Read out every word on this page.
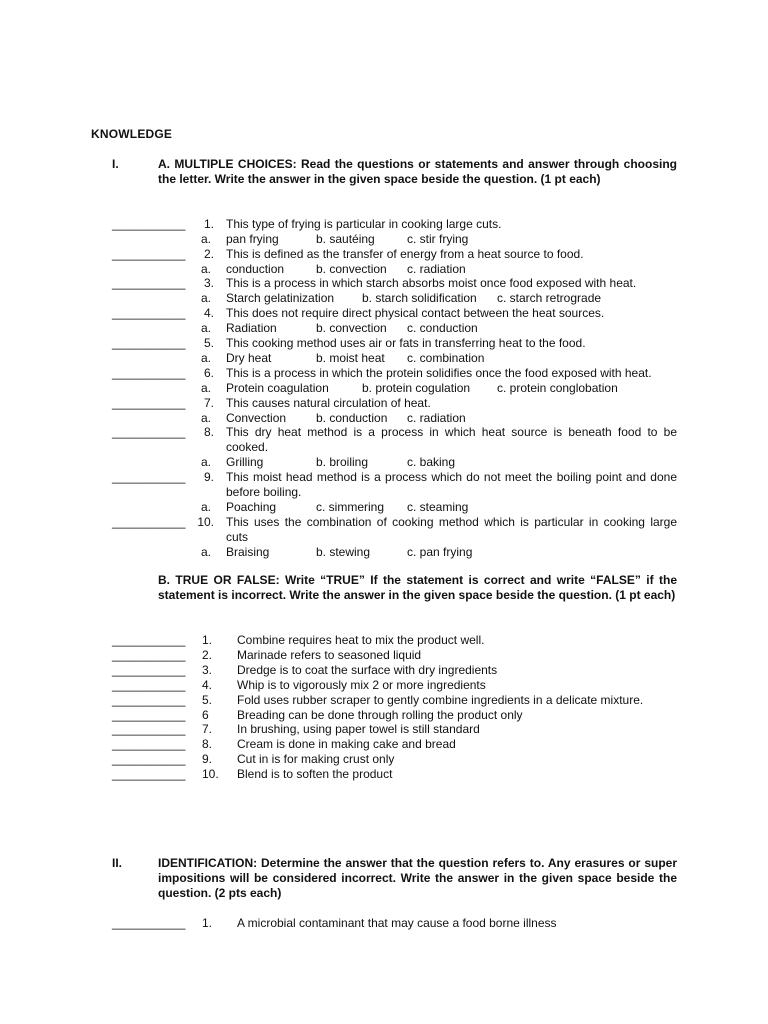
KNOWLEDGE
I.	A. MULTIPLE CHOICES: Read the questions or statements and answer through choosing the letter. Write the answer in the given space beside the question. (1 pt each)
___________	1. This type of frying is particular in cooking large cuts.
a. pan frying	b. sautéing	c. stir frying
___________	2. This is defined as the transfer of energy from a heat source to food.
a. conduction	b. convection c. radiation
___________	3. This is a process in which starch absorbs moist once food exposed with heat.
a. Starch gelatinization b. starch solidification c. starch retrograde
___________	4. This does not require direct physical contact between the heat sources.
a. Radiation	b. convection c. conduction
___________	5. This cooking method uses air or fats in transferring heat to the food.
a. Dry heat	b. moist heat c. combination
___________	6. This is a process in which the protein solidifies once the food exposed with heat.
a. Protein coagulation	b. protein cogulation c. protein conglobation
___________	7. This causes natural circulation of heat.
a. Convection b. conduction c. radiation
___________	8. This dry heat method is a process in which heat source is beneath food to be cooked.
a. Grilling	b. broiling	c. baking
___________	9. This moist head method is a process which do not meet the boiling point and done before boiling.
a. Poaching	c. simmering c. steaming
___________ 10. This uses the combination of cooking method which is particular in cooking large cuts
a. Braising	b. stewing	c. pan frying
B. TRUE OR FALSE: Write “TRUE” If the statement is correct and write “FALSE” if the statement is incorrect. Write the answer in the given space beside the question. (1 pt each)
___________ 1. Combine requires heat to mix the product well.
___________ 2. Marinade refers to seasoned liquid
___________ 3. Dredge is to coat the surface with dry ingredients
___________ 4. Whip is to vigorously mix 2 or more ingredients
___________ 5. Fold uses rubber scraper to gently combine ingredients in a delicate mixture.
___________ 6 Breading can be done through rolling the product only
___________ 7. In brushing, using paper towel is still standard
___________ 8. Cream is done in making cake and bread
___________ 9. Cut in is for making crust only
___________ 10. Blend is to soften the product
II.	IDENTIFICATION: Determine the answer that the question refers to. Any erasures or super impositions will be considered incorrect. Write the answer in the given space beside the question. (2 pts each)
___________ 1. A microbial contaminant that may cause a food borne illness
